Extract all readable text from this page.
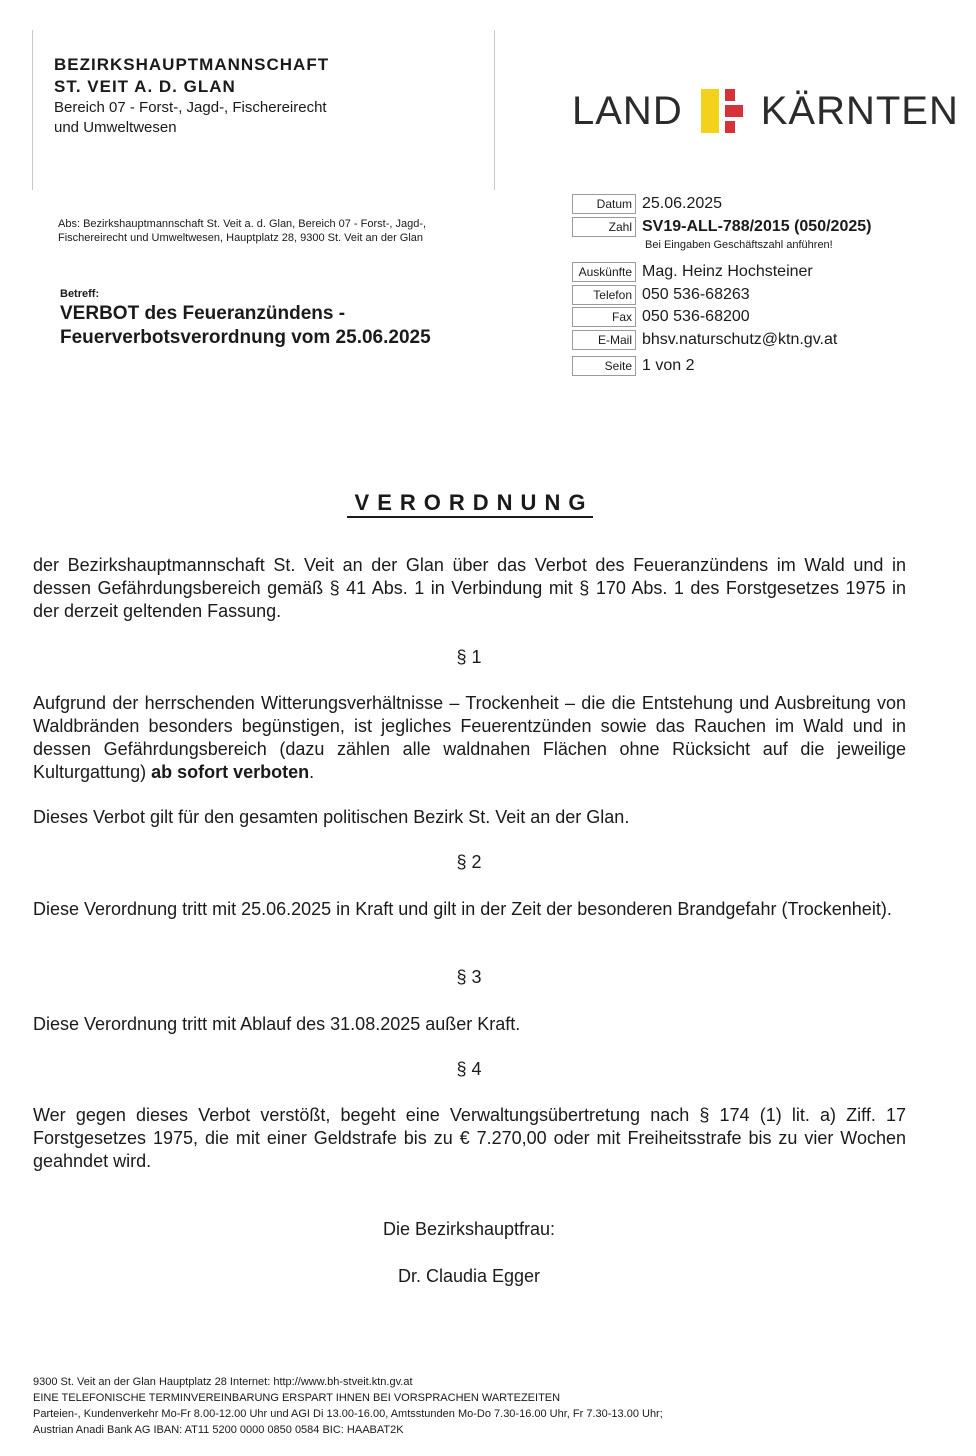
BEZIRKSHAUPTMANNSCHAFT
ST. VEIT A. D. GLAN
Bereich 07 - Forst-, Jagd-, Fischereirecht
und Umweltwesen	LAND KÄRNTEN
Abs: Bezirkshauptmannschaft St. Veit a. d. Glan, Bereich 07 - Forst-, Jagd-,
Fischereirecht und Umweltwesen, Hauptplatz 28, 9300 St. Veit an der Glan
Betreff:
VERBOT des Feueranzündens -
Feuerverbotsverordnung vom 25.06.2025
Datum 25.06.2025
Zahl SV19-ALL-788/2015 (050/2025)
Bei Eingaben Geschäftszahl anführen!
Auskünfte Mag. Heinz Hochsteiner
Telefon 050 536-68263
Fax 050 536-68200
E-Mail bhsv.naturschutz@ktn.gv.at
Seite 1 von 2
VERORDNUNG
der Bezirkshauptmannschaft St. Veit an der Glan über das Verbot des Feueranzündens im Wald und in dessen Gefährdungsbereich gemäß § 41 Abs. 1 in Verbindung mit § 170 Abs. 1 des Forstgesetzes 1975 in der derzeit geltenden Fassung.
§ 1
Aufgrund der herrschenden Witterungsverhältnisse – Trockenheit – die die Entstehung und Ausbreitung von Waldbränden besonders begünstigen, ist jegliches Feuerentzünden sowie das Rauchen im Wald und in dessen Gefährdungsbereich (dazu zählen alle waldnahen Flächen ohne Rücksicht auf die jeweilige Kulturgattung) ab sofort verboten.
Dieses Verbot gilt für den gesamten politischen Bezirk St. Veit an der Glan.
§ 2
Diese Verordnung tritt mit 25.06.2025 in Kraft und gilt in der Zeit der besonderen Brandgefahr (Trockenheit).
§ 3
Diese Verordnung tritt mit Ablauf des 31.08.2025 außer Kraft.
§ 4
Wer gegen dieses Verbot verstößt, begeht eine Verwaltungsübertretung nach § 174 (1) lit. a) Ziff. 17 Forstgesetzes 1975, die mit einer Geldstrafe bis zu € 7.270,00 oder mit Freiheitsstrafe bis zu vier Wochen geahndet wird.
Die Bezirkshauptfrau:
Dr. Claudia Egger
9300 St. Veit an der Glan Hauptplatz 28 Internet: http://www.bh-stveit.ktn.gv.at
EINE TELEFONISCHE TERMINVEREINBARUNG ERSPART IHNEN BEI VORSPRACHEN WARTEZEITEN
Parteien-, Kundenverkehr Mo-Fr 8.00-12.00 Uhr und AGI Di 13.00-16.00, Amtsstunden Mo-Do 7.30-16.00 Uhr, Fr 7.30-13.00 Uhr;
Austrian Anadi Bank AG IBAN: AT11 5200 0000 0850 0584 BIC: HAABAT2K
